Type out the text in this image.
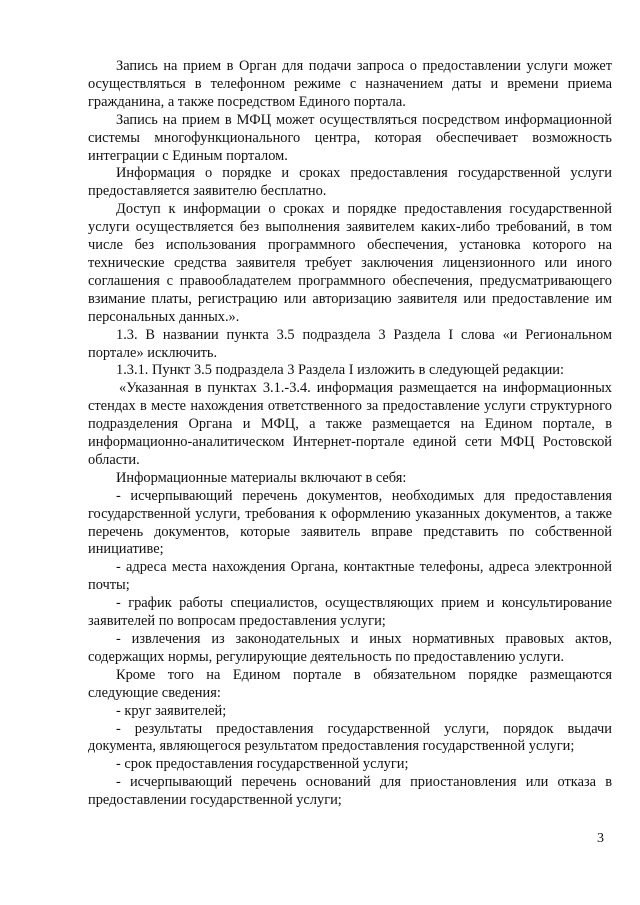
Запись на прием в Орган для подачи запроса о предоставлении услуги может осуществляться в телефонном режиме с назначением даты и времени приема гражданина, а также посредством Единого портала.

Запись на прием в МФЦ может осуществляться посредством информационной системы многофункционального центра, которая обеспечивает возможность интеграции с Единым порталом.

Информация о порядке и сроках предоставления государственной услуги предоставляется заявителю бесплатно.

Доступ к информации о сроках и порядке предоставления государственной услуги осуществляется без выполнения заявителем каких-либо требований, в том числе без использования программного обеспечения, установка которого на технические средства заявителя требует заключения лицензионного или иного соглашения с правообладателем программного обеспечения, предусматривающего взимание платы, регистрацию или авторизацию заявителя или предоставление им персональных данных.».

1.3. В названии пункта 3.5 подраздела 3 Раздела I слова «и Региональном портале» исключить.

1.3.1. Пункт 3.5 подраздела 3 Раздела I изложить в следующей редакции:

«Указанная в пунктах 3.1.-3.4. информация размещается на информационных стендах в месте нахождения ответственного за предоставление услуги структурного подразделения Органа и МФЦ, а также размещается на Едином портале, в информационно-аналитическом Интернет-портале единой сети МФЦ Ростовской области.

Информационные материалы включают в себя:

- исчерпывающий перечень документов, необходимых для предоставления государственной услуги, требования к оформлению указанных документов, а также перечень документов, которые заявитель вправе представить по собственной инициативе;

- адреса места нахождения Органа, контактные телефоны, адреса электронной почты;

- график работы специалистов, осуществляющих прием и консультирование заявителей по вопросам предоставления услуги;

- извлечения из законодательных и иных нормативных правовых актов, содержащих нормы, регулирующие деятельность по предоставлению услуги.

Кроме того на Едином портале в обязательном порядке размещаются следующие сведения:

- круг заявителей;

- результаты предоставления государственной услуги, порядок выдачи документа, являющегося результатом предоставления государственной услуги;

- срок предоставления государственной услуги;

- исчерпывающий перечень оснований для приостановления или отказа в предоставлении государственной услуги;

3
